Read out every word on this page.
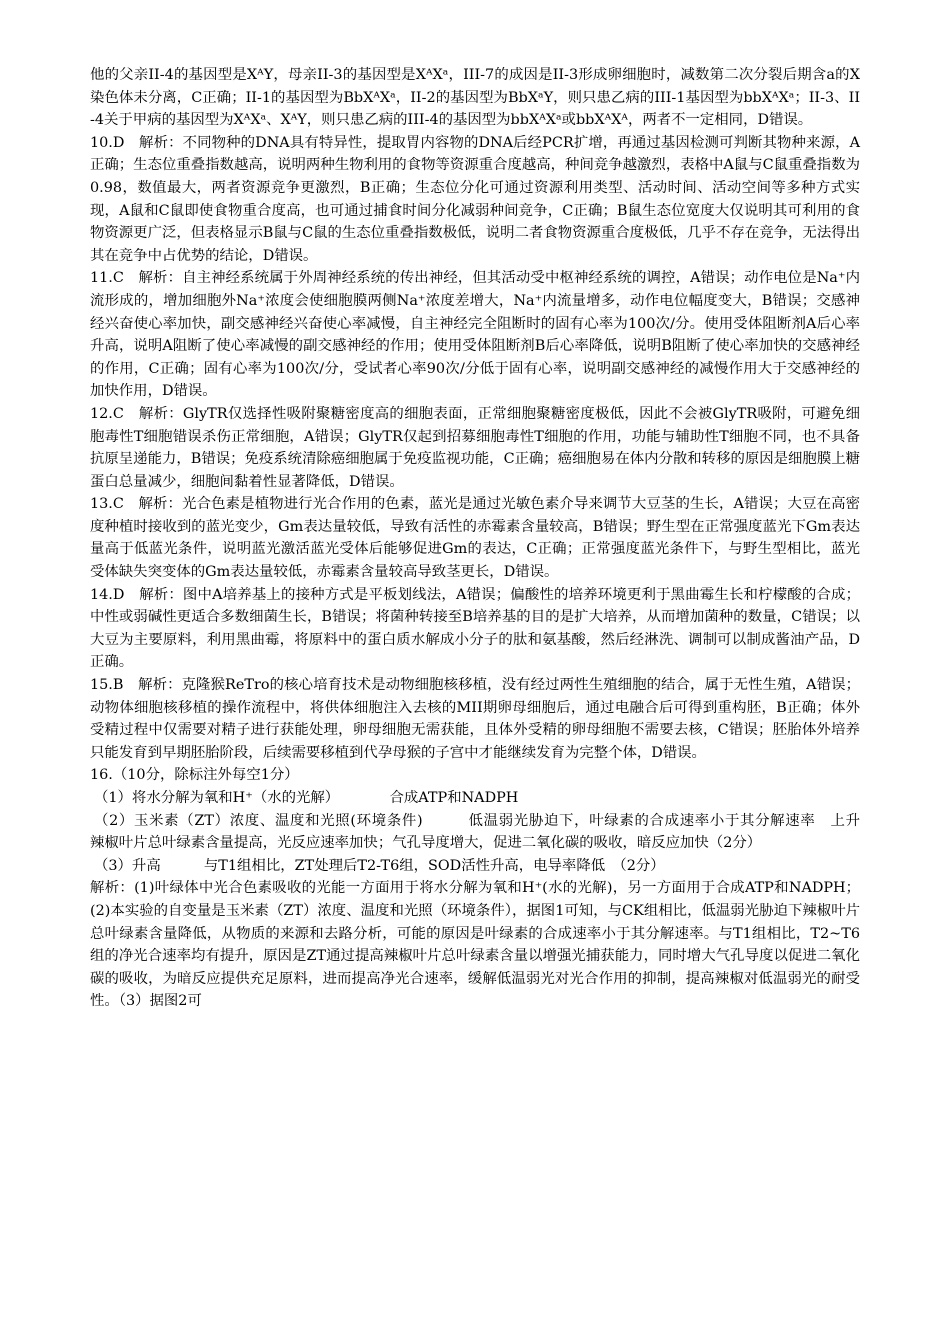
他的父亲II-4的基因型是XᴬY，母亲II-3的基因型是XᴬXᵃ，III-7的成因是II-3形成卵细胞时，减数第二次分裂后期含a的X染色体未分离，C正确；II-1的基因型为BbXᴬXᵃ，II-2的基因型为BbXᵃY，则只患乙病的III-1基因型为bbXᴬXᵃ；II-3、II-4关于甲病的基因型为XᴬXᵃ、XᴬY，则只患乙病的III-4的基因型为bbXᴬXᵃ或bbXᴬXᴬ，两者不一定相同，D错误。

10.D　解析：不同物种的DNA具有特异性，提取胃内容物的DNA后经PCR扩增，再通过基因检测可判断其物种来源，A正确；生态位重叠指数越高，说明两种生物利用的食物等资源重合度越高，种间竞争越激烈，表格中A鼠与C鼠重叠指数为0.98，数值最大，两者资源竞争更激烈，B正确；生态位分化可通过资源利用类型、活动时间、活动空间等多种方式实现，A鼠和C鼠即使食物重合度高，也可通过捕食时间分化减弱种间竞争，C正确；B鼠生态位宽度大仅说明其可利用的食物资源更广泛，但表格显示B鼠与C鼠的生态位重叠指数极低，说明二者食物资源重合度极低，几乎不存在竞争，无法得出其在竞争中占优势的结论，D错误。

11.C　解析：自主神经系统属于外周神经系统的传出神经，但其活动受中枢神经系统的调控，A错误；动作电位是Na⁺内流形成的，增加细胞外Na⁺浓度会使细胞膜两侧Na⁺浓度差增大，Na⁺内流量增多，动作电位幅度变大，B错误；交感神经兴奋使心率加快，副交感神经兴奋使心率减慢，自主神经完全阻断时的固有心率为100次/分。使用受体阻断剂A后心率升高，说明A阻断了使心率减慢的副交感神经的作用；使用受体阻断剂B后心率降低，说明B阻断了使心率加快的交感神经的作用，C正确；固有心率为100次/分，受试者心率90次/分低于固有心率，说明副交感神经的减慢作用大于交感神经的加快作用，D错误。

12.C　解析：GlyTR仅选择性吸附聚糖密度高的细胞表面，正常细胞聚糖密度极低，因此不会被GlyTR吸附，可避免细胞毒性T细胞错误杀伤正常细胞，A错误；GlyTR仅起到招募细胞毒性T细胞的作用，功能与辅助性T细胞不同，也不具备抗原呈递能力，B错误；免疫系统清除癌细胞属于免疫监视功能，C正确；癌细胞易在体内分散和转移的原因是细胞膜上糖蛋白总量减少，细胞间黏着性显著降低，D错误。

13.C　解析：光合色素是植物进行光合作用的色素，蓝光是通过光敏色素介导来调节大豆茎的生长，A错误；大豆在高密度种植时接收到的蓝光变少，Gm表达量较低，导致有活性的赤霉素含量较高，B错误；野生型在正常强度蓝光下Gm表达量高于低蓝光条件，说明蓝光激活蓝光受体后能够促进Gm的表达，C正确；正常强度蓝光条件下，与野生型相比，蓝光受体缺失突变体的Gm表达量较低，赤霉素含量较高导致茎更长，D错误。

14.D　解析：图中A培养基上的接种方式是平板划线法，A错误；偏酸性的培养环境更利于黑曲霉生长和柠檬酸的合成；中性或弱碱性更适合多数细菌生长，B错误；将菌种转接至B培养基的目的是扩大培养，从而增加菌种的数量，C错误；以大豆为主要原料，利用黑曲霉，将原料中的蛋白质水解成小分子的肽和氨基酸，然后经淋洗、调制可以制成酱油产品，D正确。

15.B　解析：克隆猴ReTro的核心培育技术是动物细胞核移植，没有经过两性生殖细胞的结合，属于无性生殖，A错误；动物体细胞核移植的操作流程中，将供体细胞注入去核的MII期卵母细胞后，通过电融合后可得到重构胚，B正确；体外受精过程中仅需要对精子进行获能处理，卵母细胞无需获能，且体外受精的卵母细胞不需要去核，C错误；胚胎体外培养只能发育到早期胚胎阶段，后续需要移植到代孕母猴的子宫中才能继续发育为完整个体，D错误。

16.（10分，除标注外每空1分）

（1）将水分解为氧和H⁺（水的光解）　　　　合成ATP和NADPH

（2）玉米素（ZT）浓度、温度和光照(环境条件)　　　低温弱光胁迫下，叶绿素的合成速率小于其分解速率　上升　　辣椒叶片总叶绿素含量提高，光反应速率加快；气孔导度增大，促进二氧化碳的吸收，暗反应加快（2分）

（3）升高　　　与T1组相比，ZT处理后T2-T6组，SOD活性升高，电导率降低　（2分）

解析：(1)叶绿体中光合色素吸收的光能一方面用于将水分解为氧和H⁺(水的光解)，另一方面用于合成ATP和NADPH；(2)本实验的自变量是玉米素（ZT）浓度、温度和光照（环境条件），据图1可知，与CK组相比，低温弱光胁迫下辣椒叶片总叶绿素含量降低，从物质的来源和去路分析，可能的原因是叶绿素的合成速率小于其分解速率。与T1组相比，T2~T6组的净光合速率均有提升，原因是ZT通过提高辣椒叶片总叶绿素含量以增强光捕获能力，同时增大气孔导度以促进二氧化碳的吸收，为暗反应提供充足原料，进而提高净光合速率，缓解低温弱光对光合作用的抑制，提高辣椒对低温弱光的耐受性。（3）据图2可
